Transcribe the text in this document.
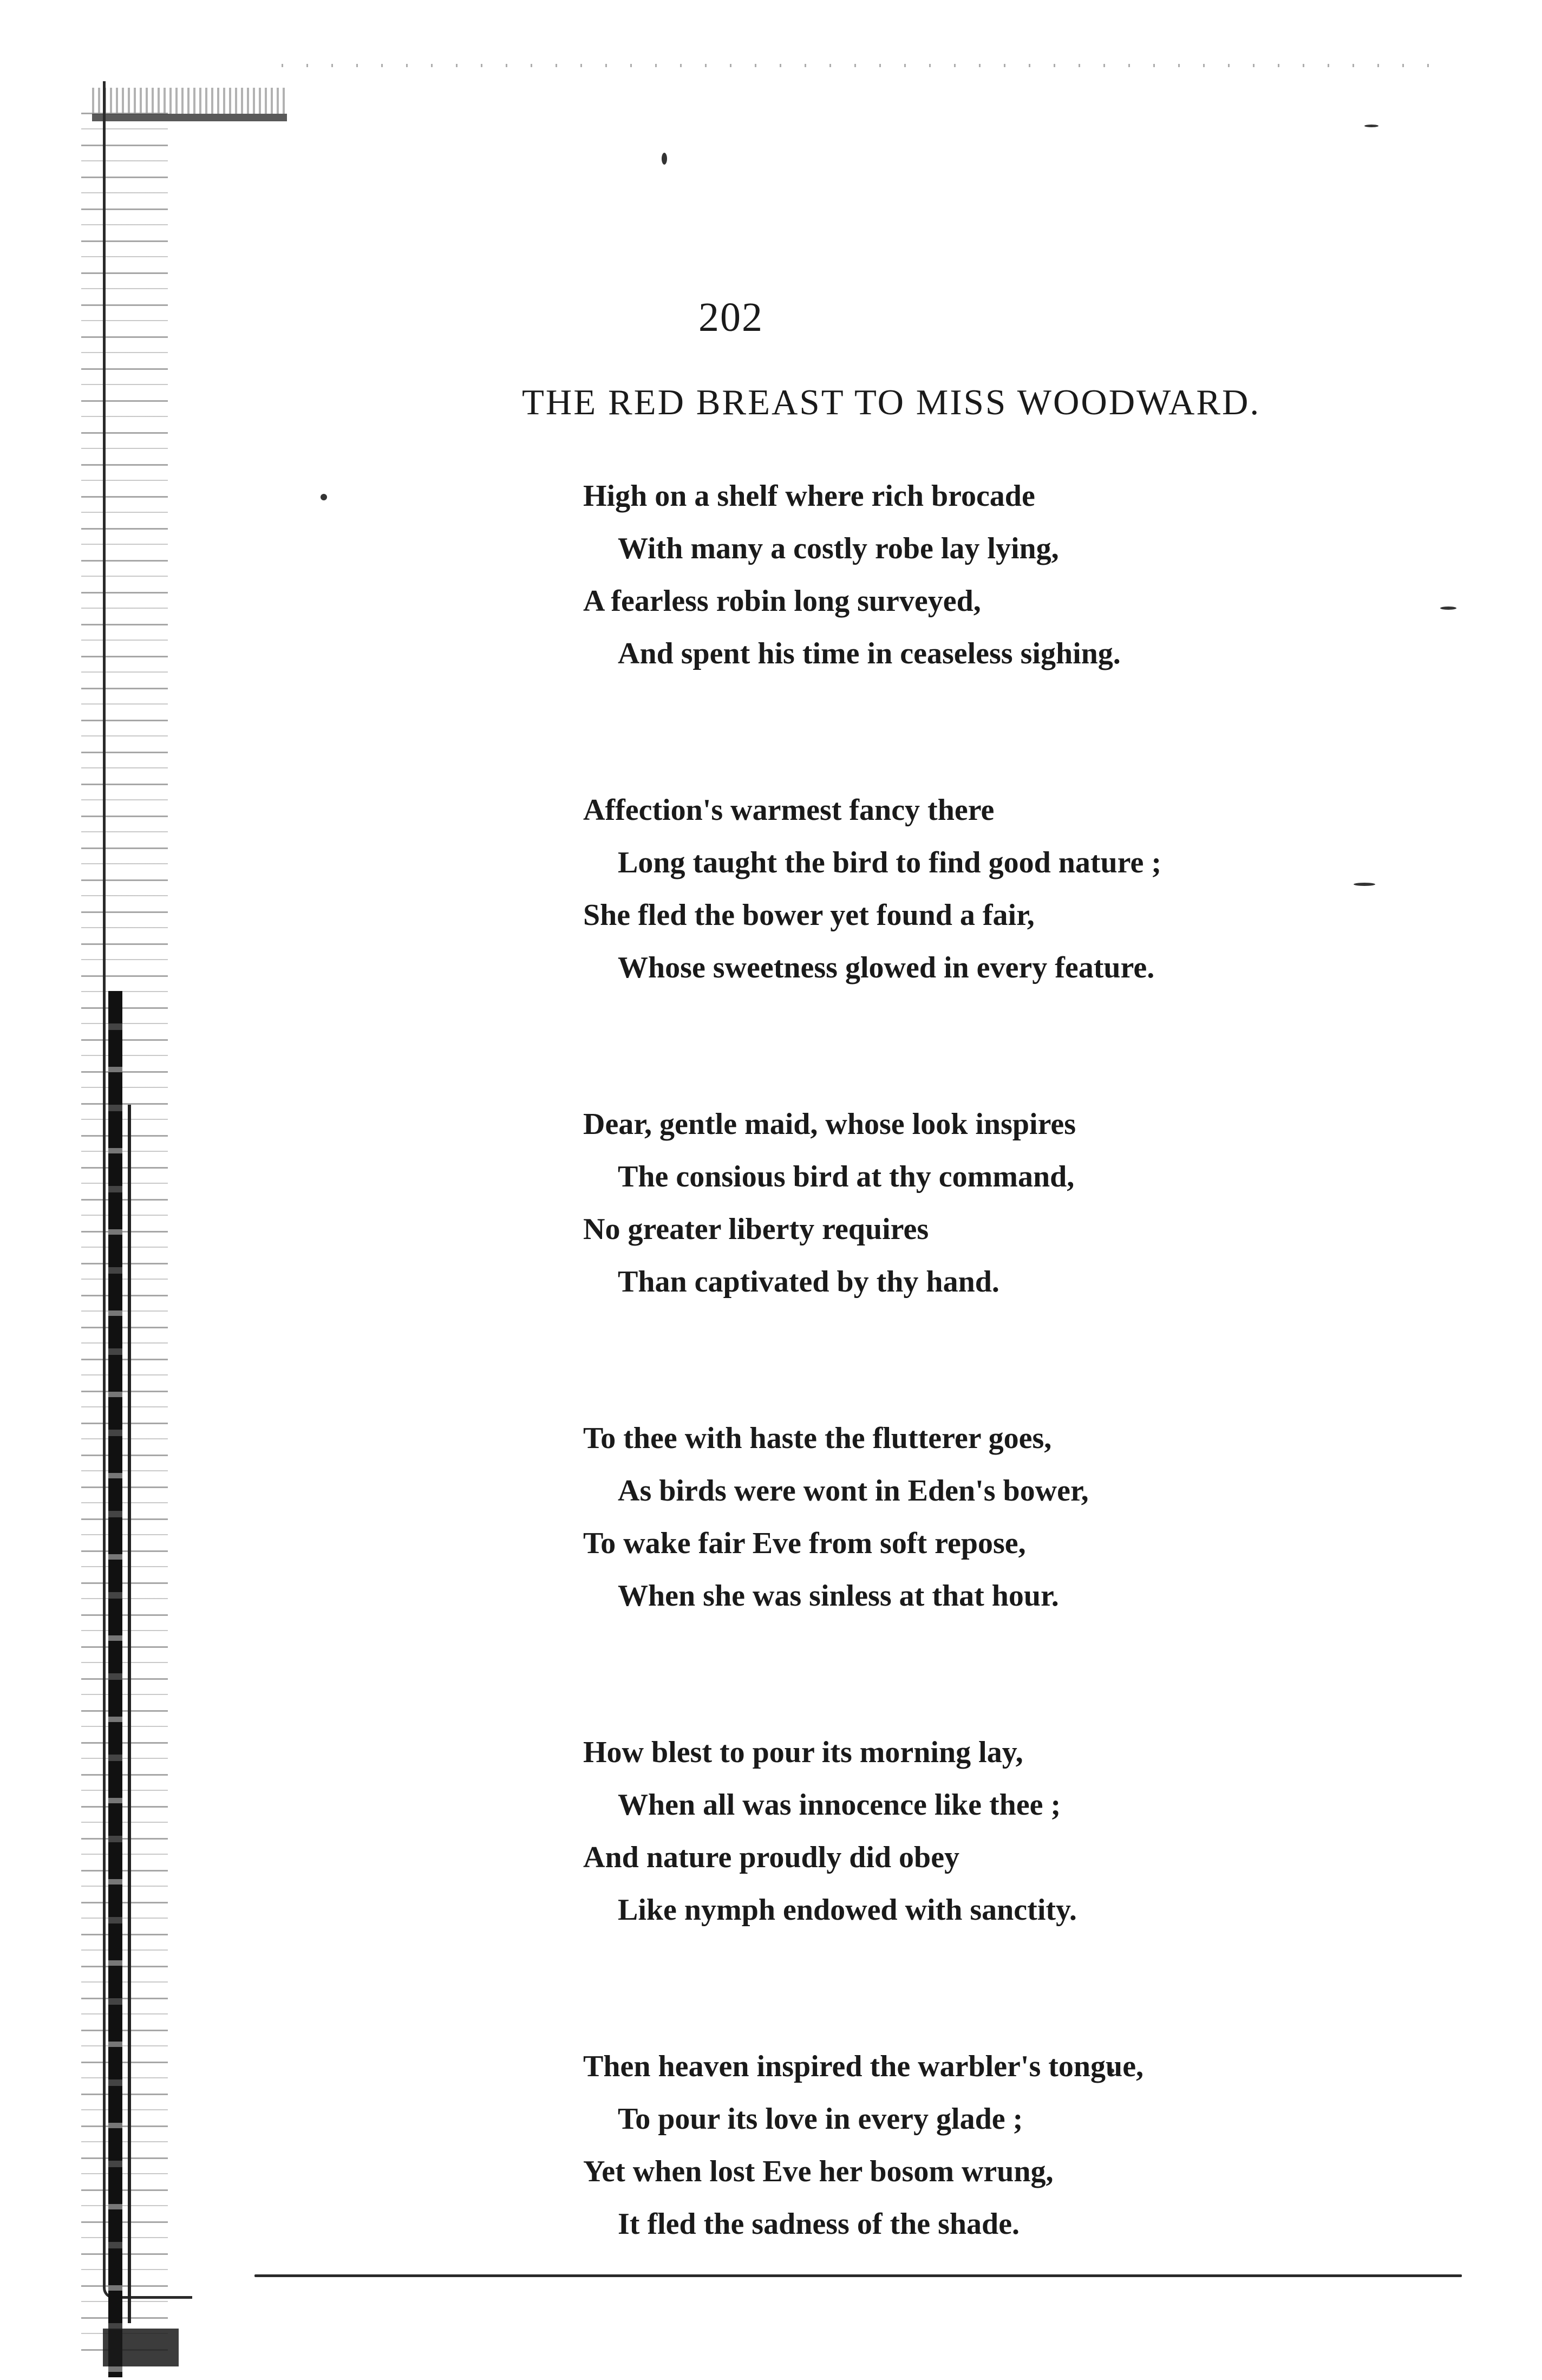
202
THE RED BREAST TO MISS WOODWARD.
High on a shelf where rich brocade
With many a costly robe lay lying,
A fearless robin long surveyed,
And spent his time in ceaseless sighing.
Affection's warmest fancy there
Long taught the bird to find good nature ;
She fled the bower yet found a fair,
Whose sweetness glowed in every feature.
Dear, gentle maid, whose look inspires
The consious bird at thy command,
No greater liberty requires
Than captivated by thy hand.
To thee with haste the flutterer goes,
As birds were wont in Eden's bower,
To wake fair Eve from soft repose,
When she was sinless at that hour.
How blest to pour its morning lay,
When all was innocence like thee ;
And nature proudly did obey
Like nymph endowed with sanctity.
Then heaven inspired the warbler's tongue,
To pour its love in every glade ;
Yet when lost Eve her bosom wrung,
It fled the sadness of the shade.
